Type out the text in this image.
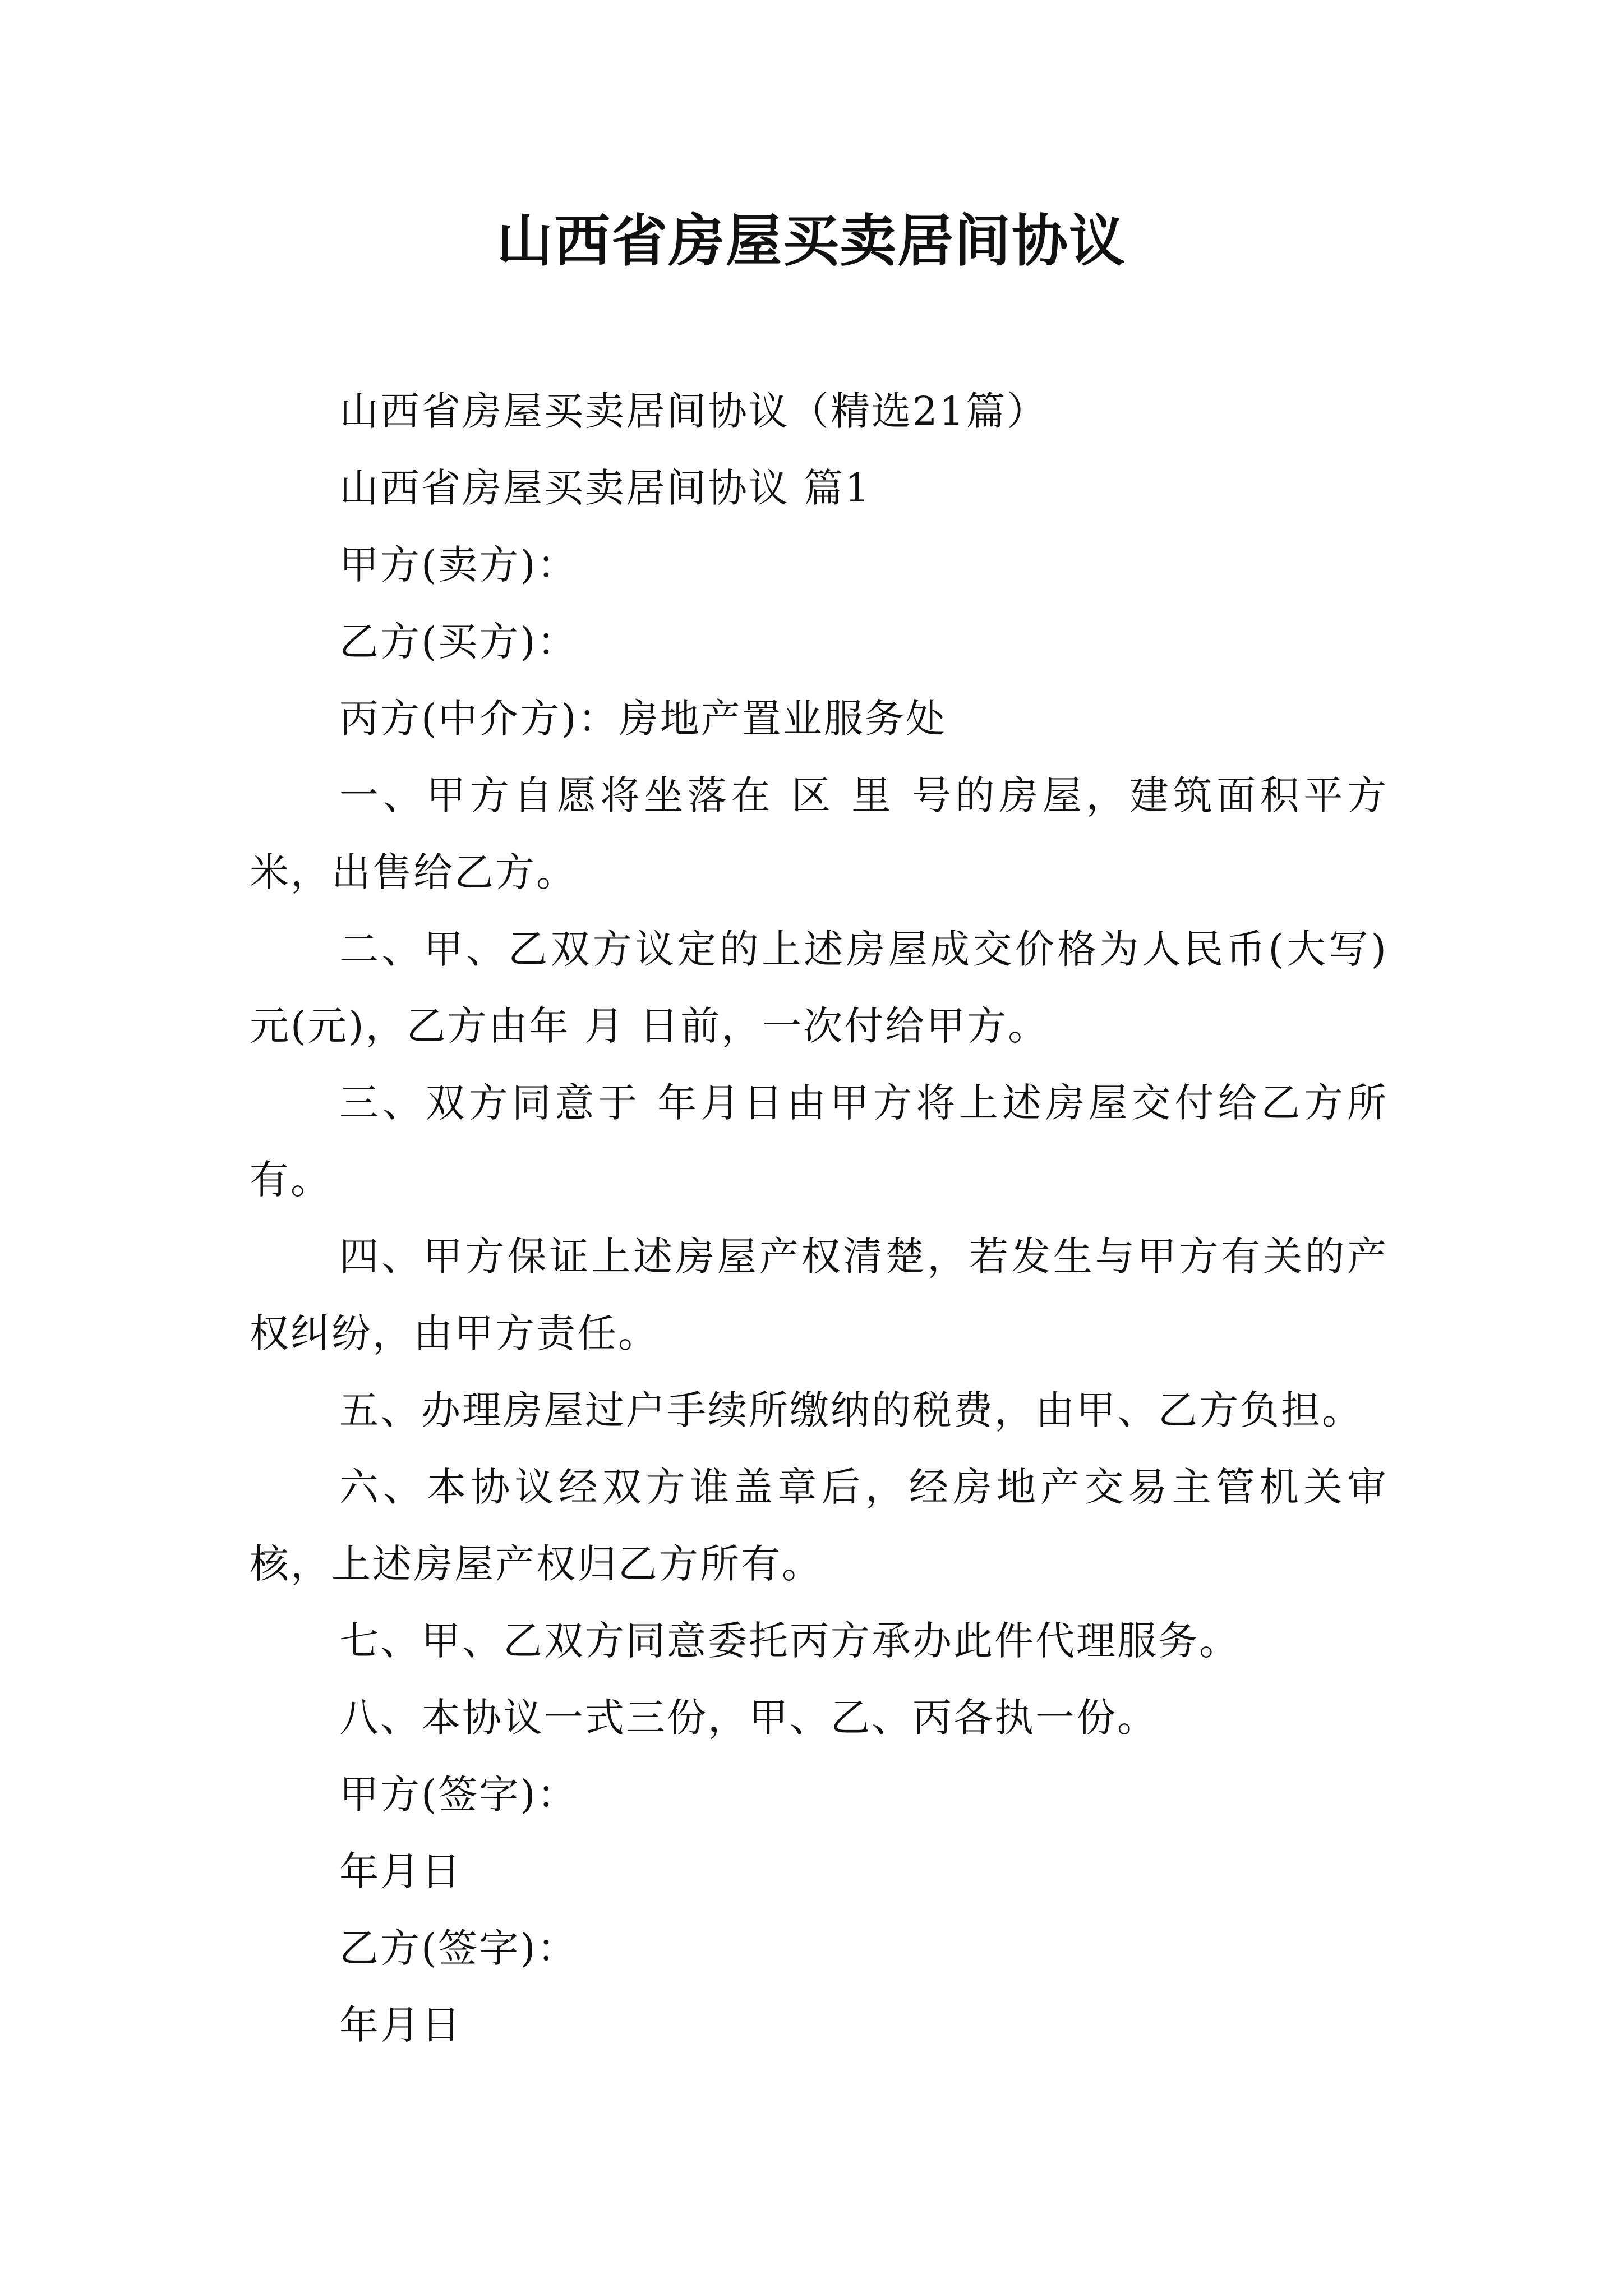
山西省房屋买卖居间协议

山西省房屋买卖居间协议（精选21篇）

山西省房屋买卖居间协议 篇1

甲方(卖方)：

乙方(买方)：

丙方(中介方)：房地产置业服务处

一、甲方自愿将坐落在 区 里 号的房屋，建筑面积平方米，出售给乙方。

二、甲、乙双方议定的上述房屋成交价格为人民币(大写)元(元)，乙方由年 月 日前，一次付给甲方。

三、双方同意于 年月日由甲方将上述房屋交付给乙方所有。

四、甲方保证上述房屋产权清楚，若发生与甲方有关的产权纠纷，由甲方责任。

五、办理房屋过户手续所缴纳的税费，由甲、乙方负担。

六、本协议经双方谁盖章后，经房地产交易主管机关审核，上述房屋产权归乙方所有。

七、甲、乙双方同意委托丙方承办此件代理服务。

八、本协议一式三份，甲、乙、丙各执一份。

甲方(签字)：

年月日

乙方(签字)：

年月日
